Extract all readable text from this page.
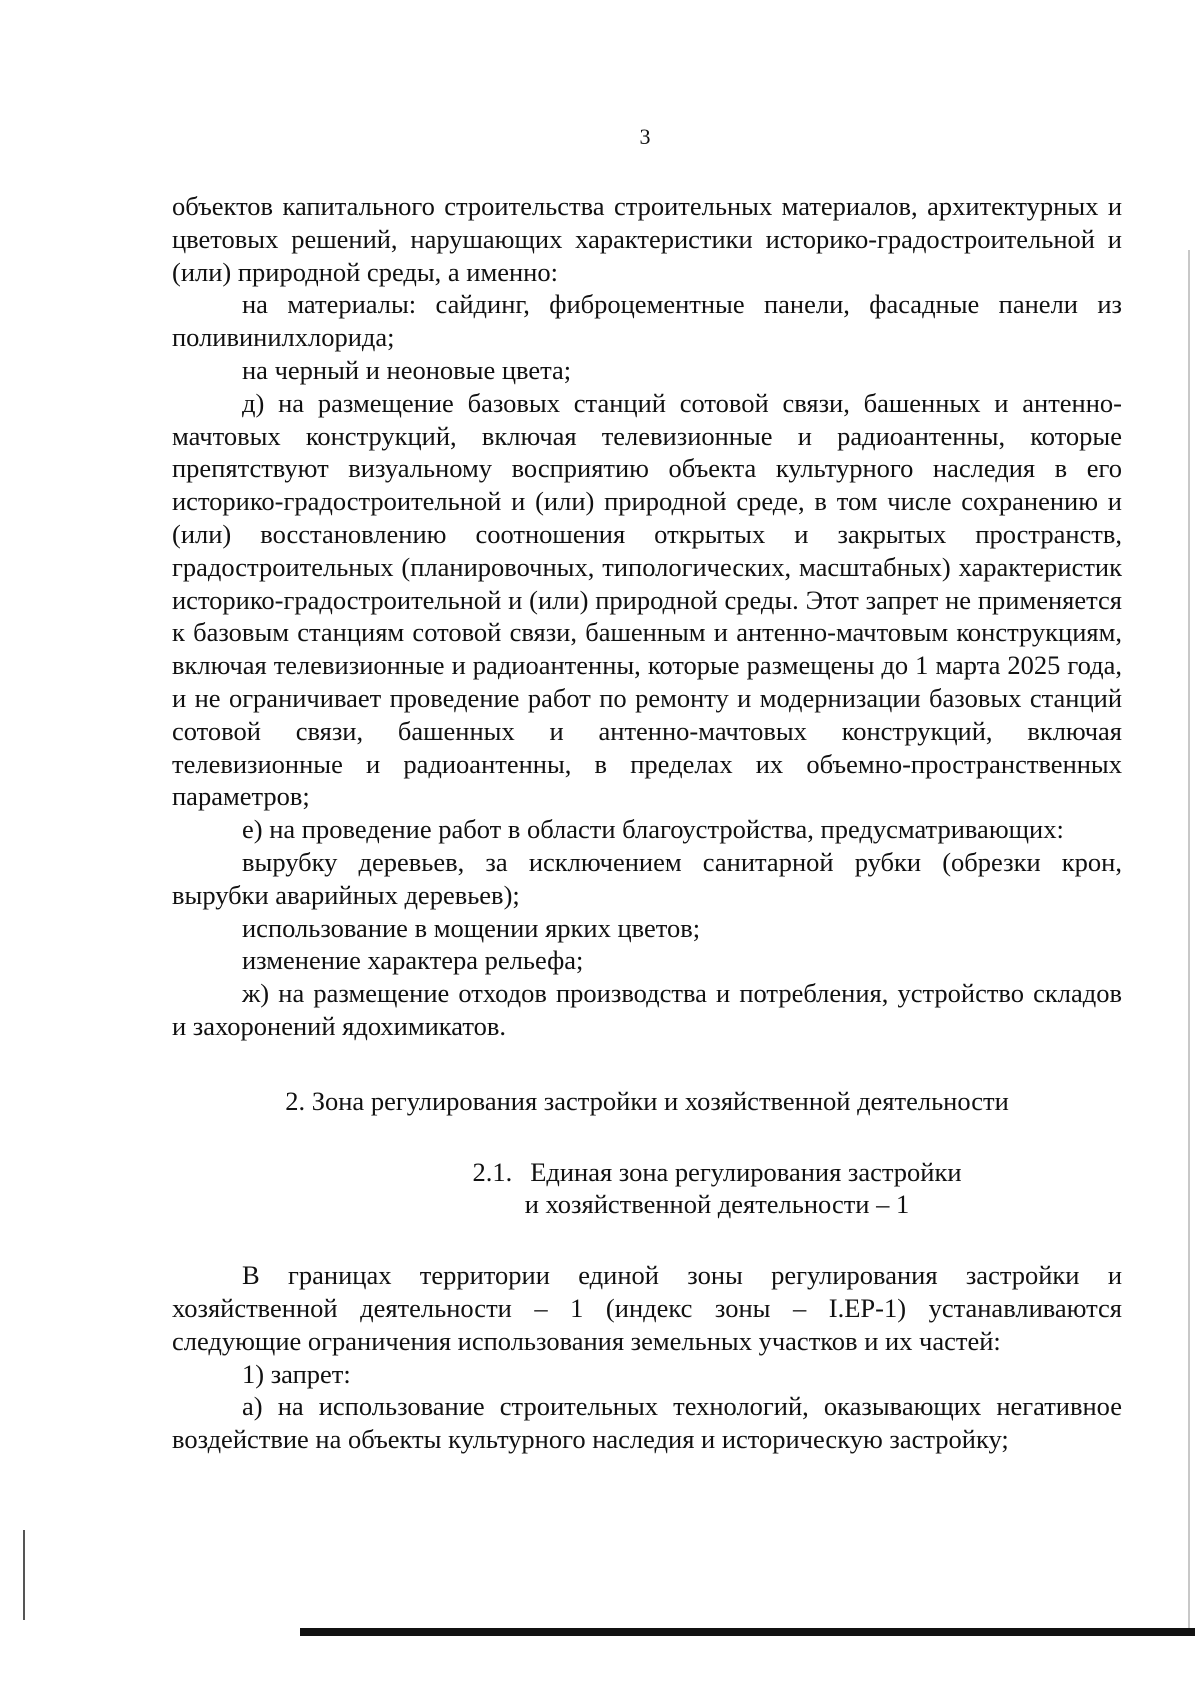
3

объектов капитального строительства строительных материалов, архитектурных и цветовых решений, нарушающих характеристики историко-градостроительной и (или) природной среды, а именно:

на материалы: сайдинг, фиброцементные панели, фасадные панели из поливинилхлорида;

на черный и неоновые цвета;

д) на размещение базовых станций сотовой связи, башенных и антенно-мачтовых конструкций, включая телевизионные и радиоантенны, которые препятствуют визуальному восприятию объекта культурного наследия в его историко-градостроительной и (или) природной среде, в том числе сохранению и (или) восстановлению соотношения открытых и закрытых пространств, градостроительных (планировочных, типологических, масштабных) характеристик историко-градостроительной и (или) природной среды. Этот запрет не применяется к базовым станциям сотовой связи, башенным и антенно-мачтовым конструкциям, включая телевизионные и радиоантенны, которые размещены до 1 марта 2025 года, и не ограничивает проведение работ по ремонту и модернизации базовых станций сотовой связи, башенных и антенно-мачтовых конструкций, включая телевизионные и радиоантенны, в пределах их объемно-пространственных параметров;

е) на проведение работ в области благоустройства, предусматривающих:

вырубку деревьев, за исключением санитарной рубки (обрезки крон, вырубки аварийных деревьев);

использование в мощении ярких цветов;

изменение характера рельефа;

ж) на размещение отходов производства и потребления, устройство складов и захоронений ядохимикатов.

2. Зона регулирования застройки и хозяйственной деятельности

2.1. Единая зона регулирования застройки
и хозяйственной деятельности – 1

В границах территории единой зоны регулирования застройки и хозяйственной деятельности – 1 (индекс зоны – I.ЕР-1) устанавливаются следующие ограничения использования земельных участков и их частей:

1) запрет:

а) на использование строительных технологий, оказывающих негативное воздействие на объекты культурного наследия и историческую застройку;
